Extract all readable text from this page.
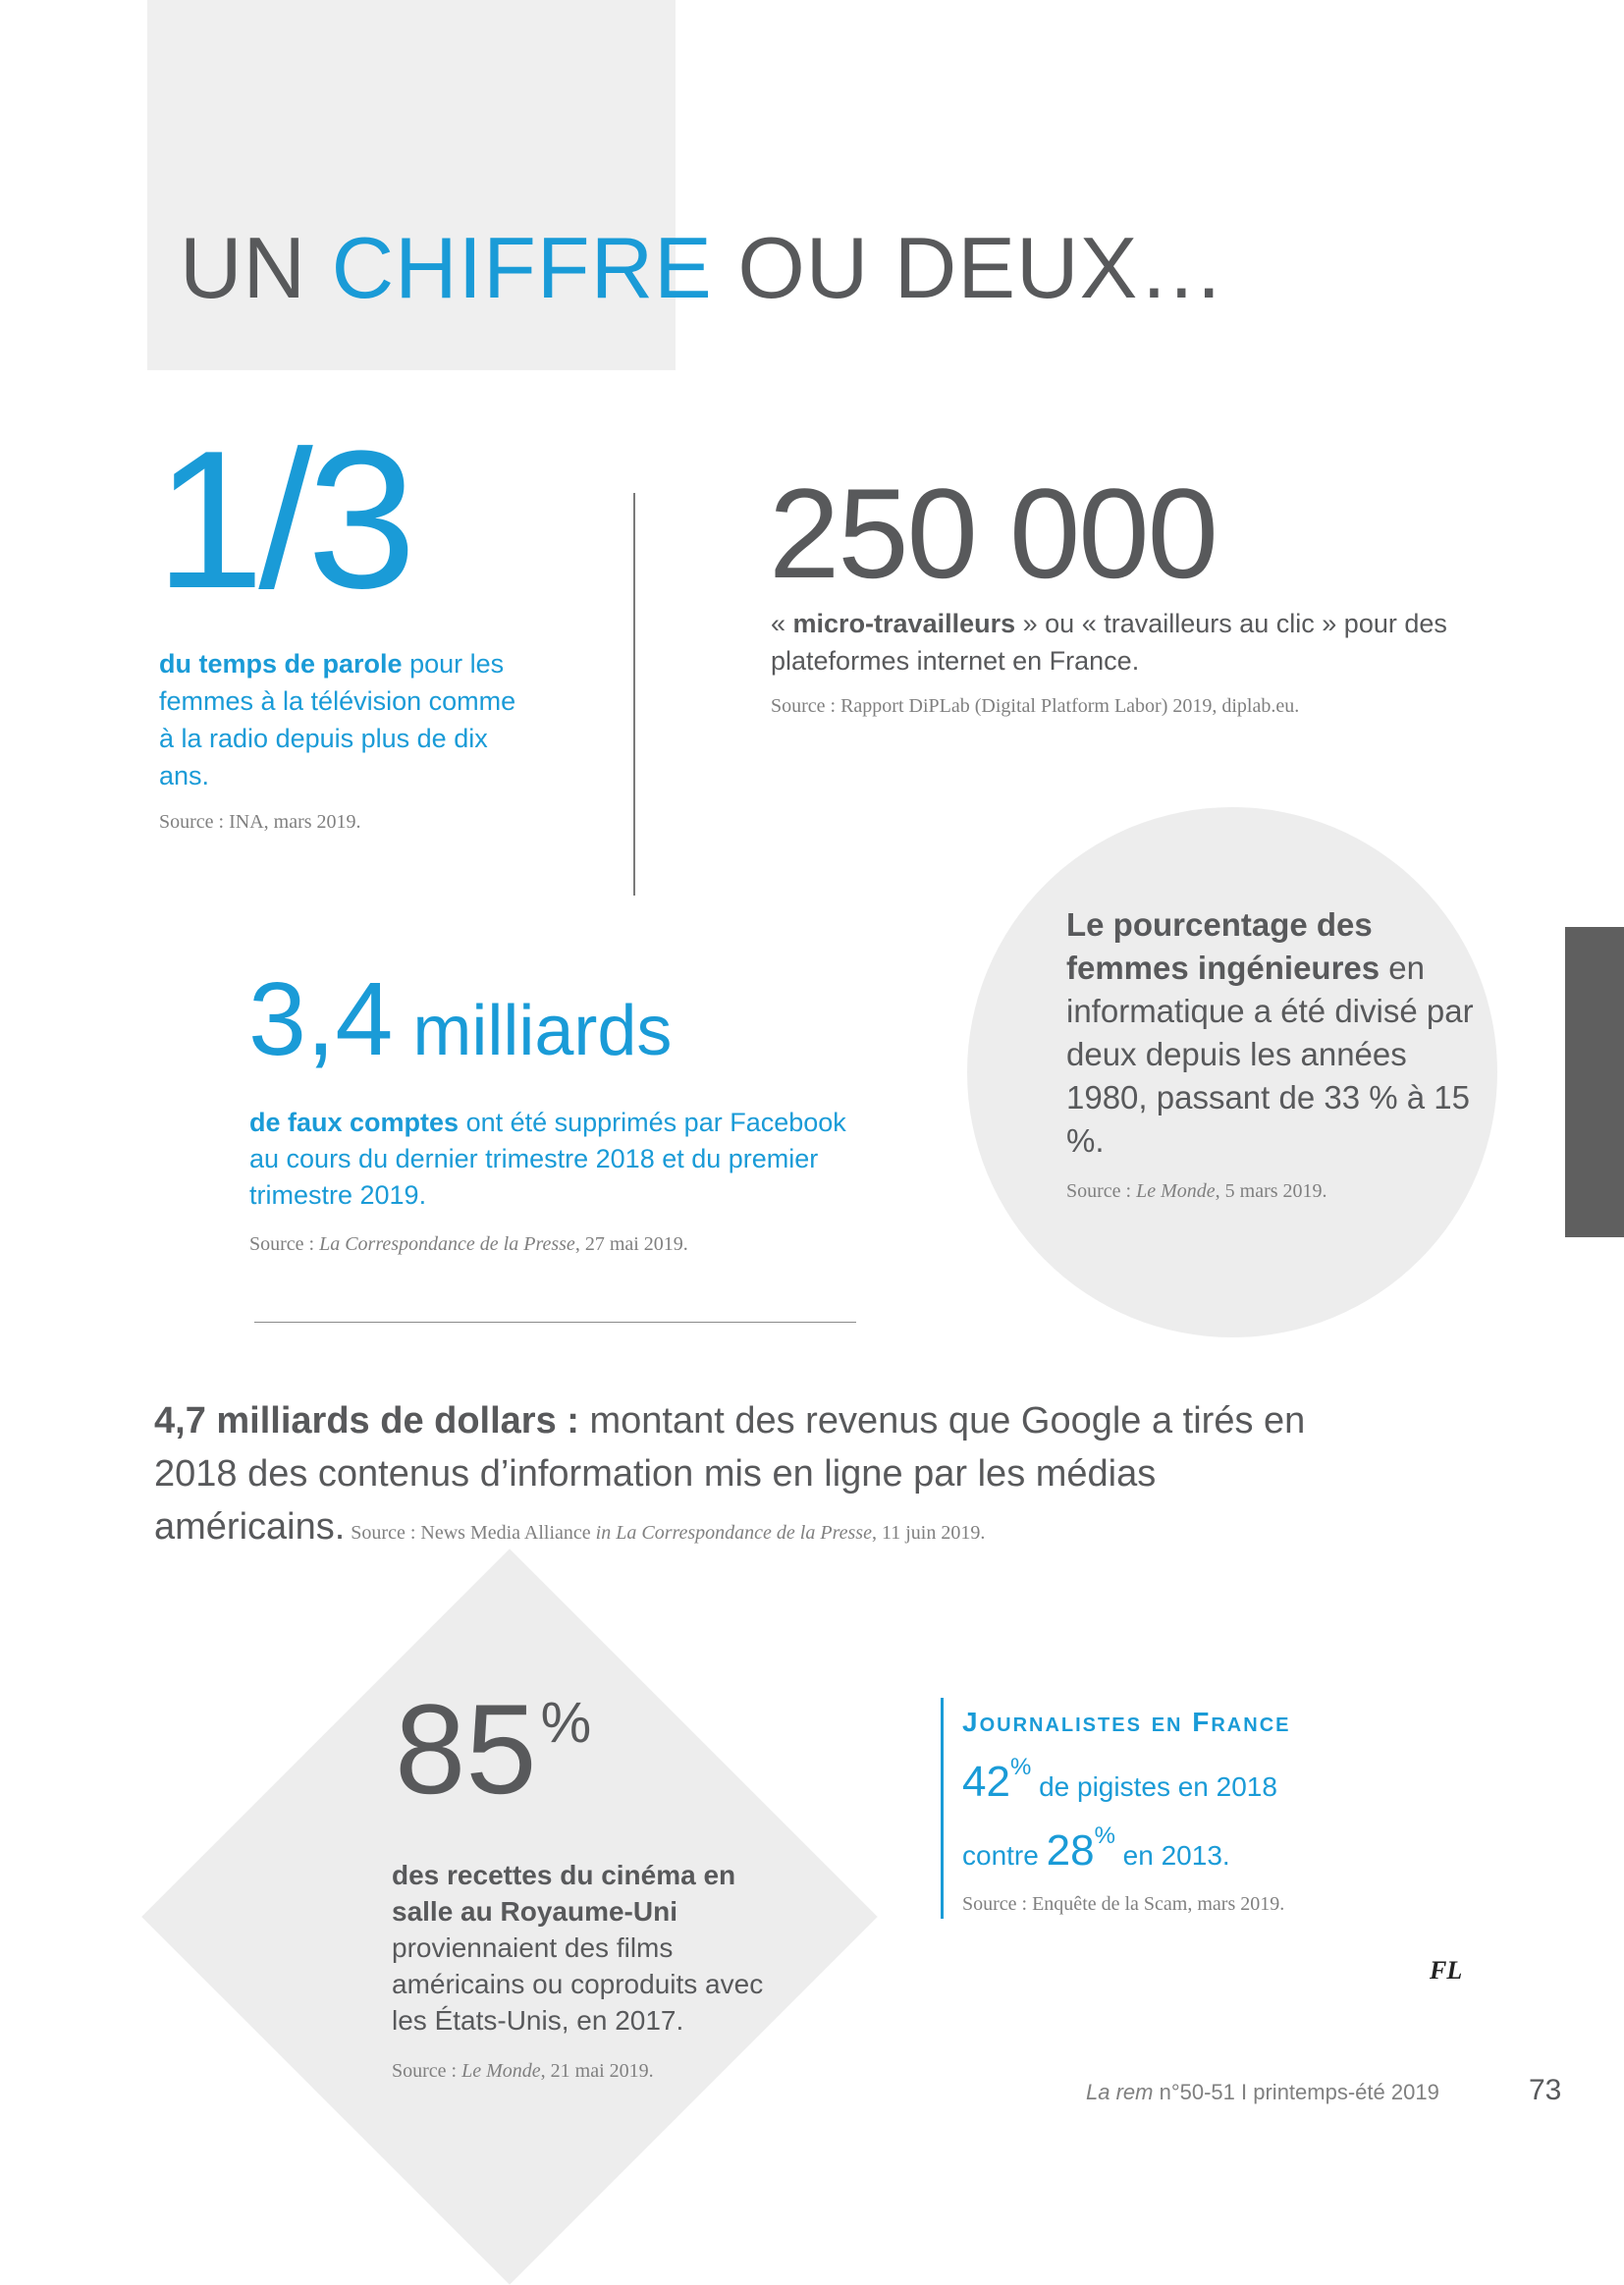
UN CHIFFRE OU DEUX…
1/3
du temps de parole pour les femmes à la télévision comme à la radio depuis plus de dix ans.
Source : INA, mars 2019.
250 000
« micro-travailleurs » ou « travailleurs au clic » pour des plateformes internet en France.
Source : Rapport DiPLab (Digital Platform Labor) 2019, diplab.eu.
Le pourcentage des femmes ingénieures en informatique a été divisé par deux depuis les années 1980, passant de 33 % à 15 %.
Source : Le Monde, 5 mars 2019.
3,4 milliards
de faux comptes ont été supprimés par Facebook au cours du dernier trimestre 2018 et du premier trimestre 2019.
Source : La Correspondance de la Presse, 27 mai 2019.
4,7 milliards de dollars : montant des revenus que Google a tirés en 2018 des contenus d’information mis en ligne par les médias américains. Source : News Media Alliance in La Correspondance de la Presse, 11 juin 2019.
85%
des recettes du cinéma en salle au Royaume-Uni proviennaient des films américains ou coproduits avec les États-Unis, en 2017.
Source : Le Monde, 21 mai 2019.
Journalistes en France
42% de pigistes en 2018
contre 28% en 2013.
Source : Enquête de la Scam, mars 2019.
FL
La rem n°50-51 I printemps-été 2019	73
